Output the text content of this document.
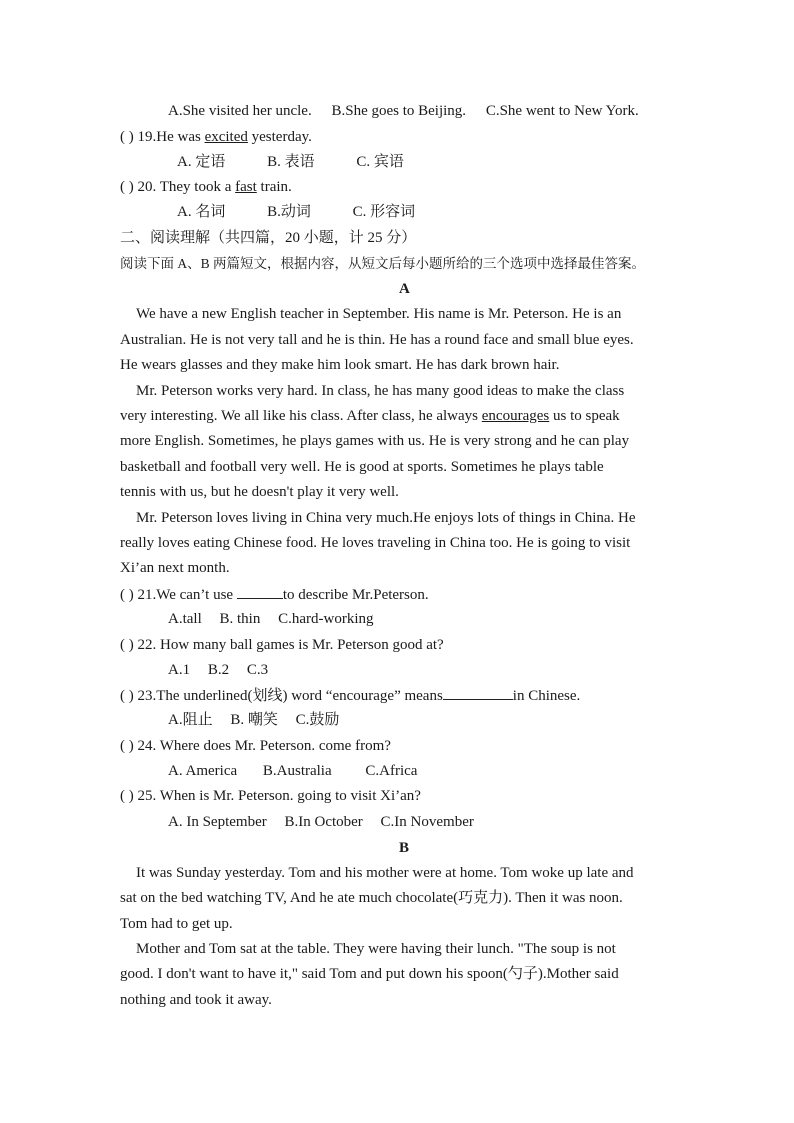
A.She visited her uncle. B.She goes to Beijing. C.She went to New York.
( ) 19.He was excited yesterday.
A. 定语	B. 表语	C. 宾语
( ) 20. They took a fast train.
A. 名词	B.动词	C. 形容词
二、阅读理解（共四篇，20 小题，计 25 分）
阅读下面 A、B 两篇短文，根据内容，从短文后每小题所给的三个选项中选择最佳答案。
A
We have a new English teacher in September. His name is Mr. Peterson. He is an
Australian. He is not very tall and he is thin. He has a round face and small blue eyes.
He wears glasses and they make him look smart. He has dark brown hair.
Mr. Peterson works very hard. In class, he has many good ideas to make the class
very interesting. We all like his class. After class, he always encourages us to speak
more English. Sometimes, he plays games with us. He is very strong and he can play
basketball and football very well. He is good at sports. Sometimes he plays table
tennis with us, but he doesn't play it very well.
Mr. Peterson loves living in China very much.He enjoys lots of things in China. He
really loves eating Chinese food. He loves traveling in China too. He is going to visit
Xi’an next month.
( ) 21.We can’t use	to describe Mr.Peterson.
A.tall B. thin C.hard-working
( ) 22. How many ball games is Mr. Peterson good at?
A.1 B.2 C.3
( ) 23.The underlined(划线) word “encourage” means	in Chinese.
A.阻止 B. 嘲笑 C.鼓励
( ) 24. Where does Mr. Peterson. come from?
A. America B.Australia C.Africa
( ) 25. When is Mr. Peterson. going to visit Xi’an?
A. In September B.In October C.In November
B
It was Sunday yesterday. Tom and his mother were at home. Tom woke up late and
sat on the bed watching TV, And he ate much chocolate(巧克力). Then it was noon.
Tom had to get up.
Mother and Tom sat at the table. They were having their lunch. "The soup is not
good. I don't want to have it," said Tom and put down his spoon(勺子).Mother said
nothing and took it away.
